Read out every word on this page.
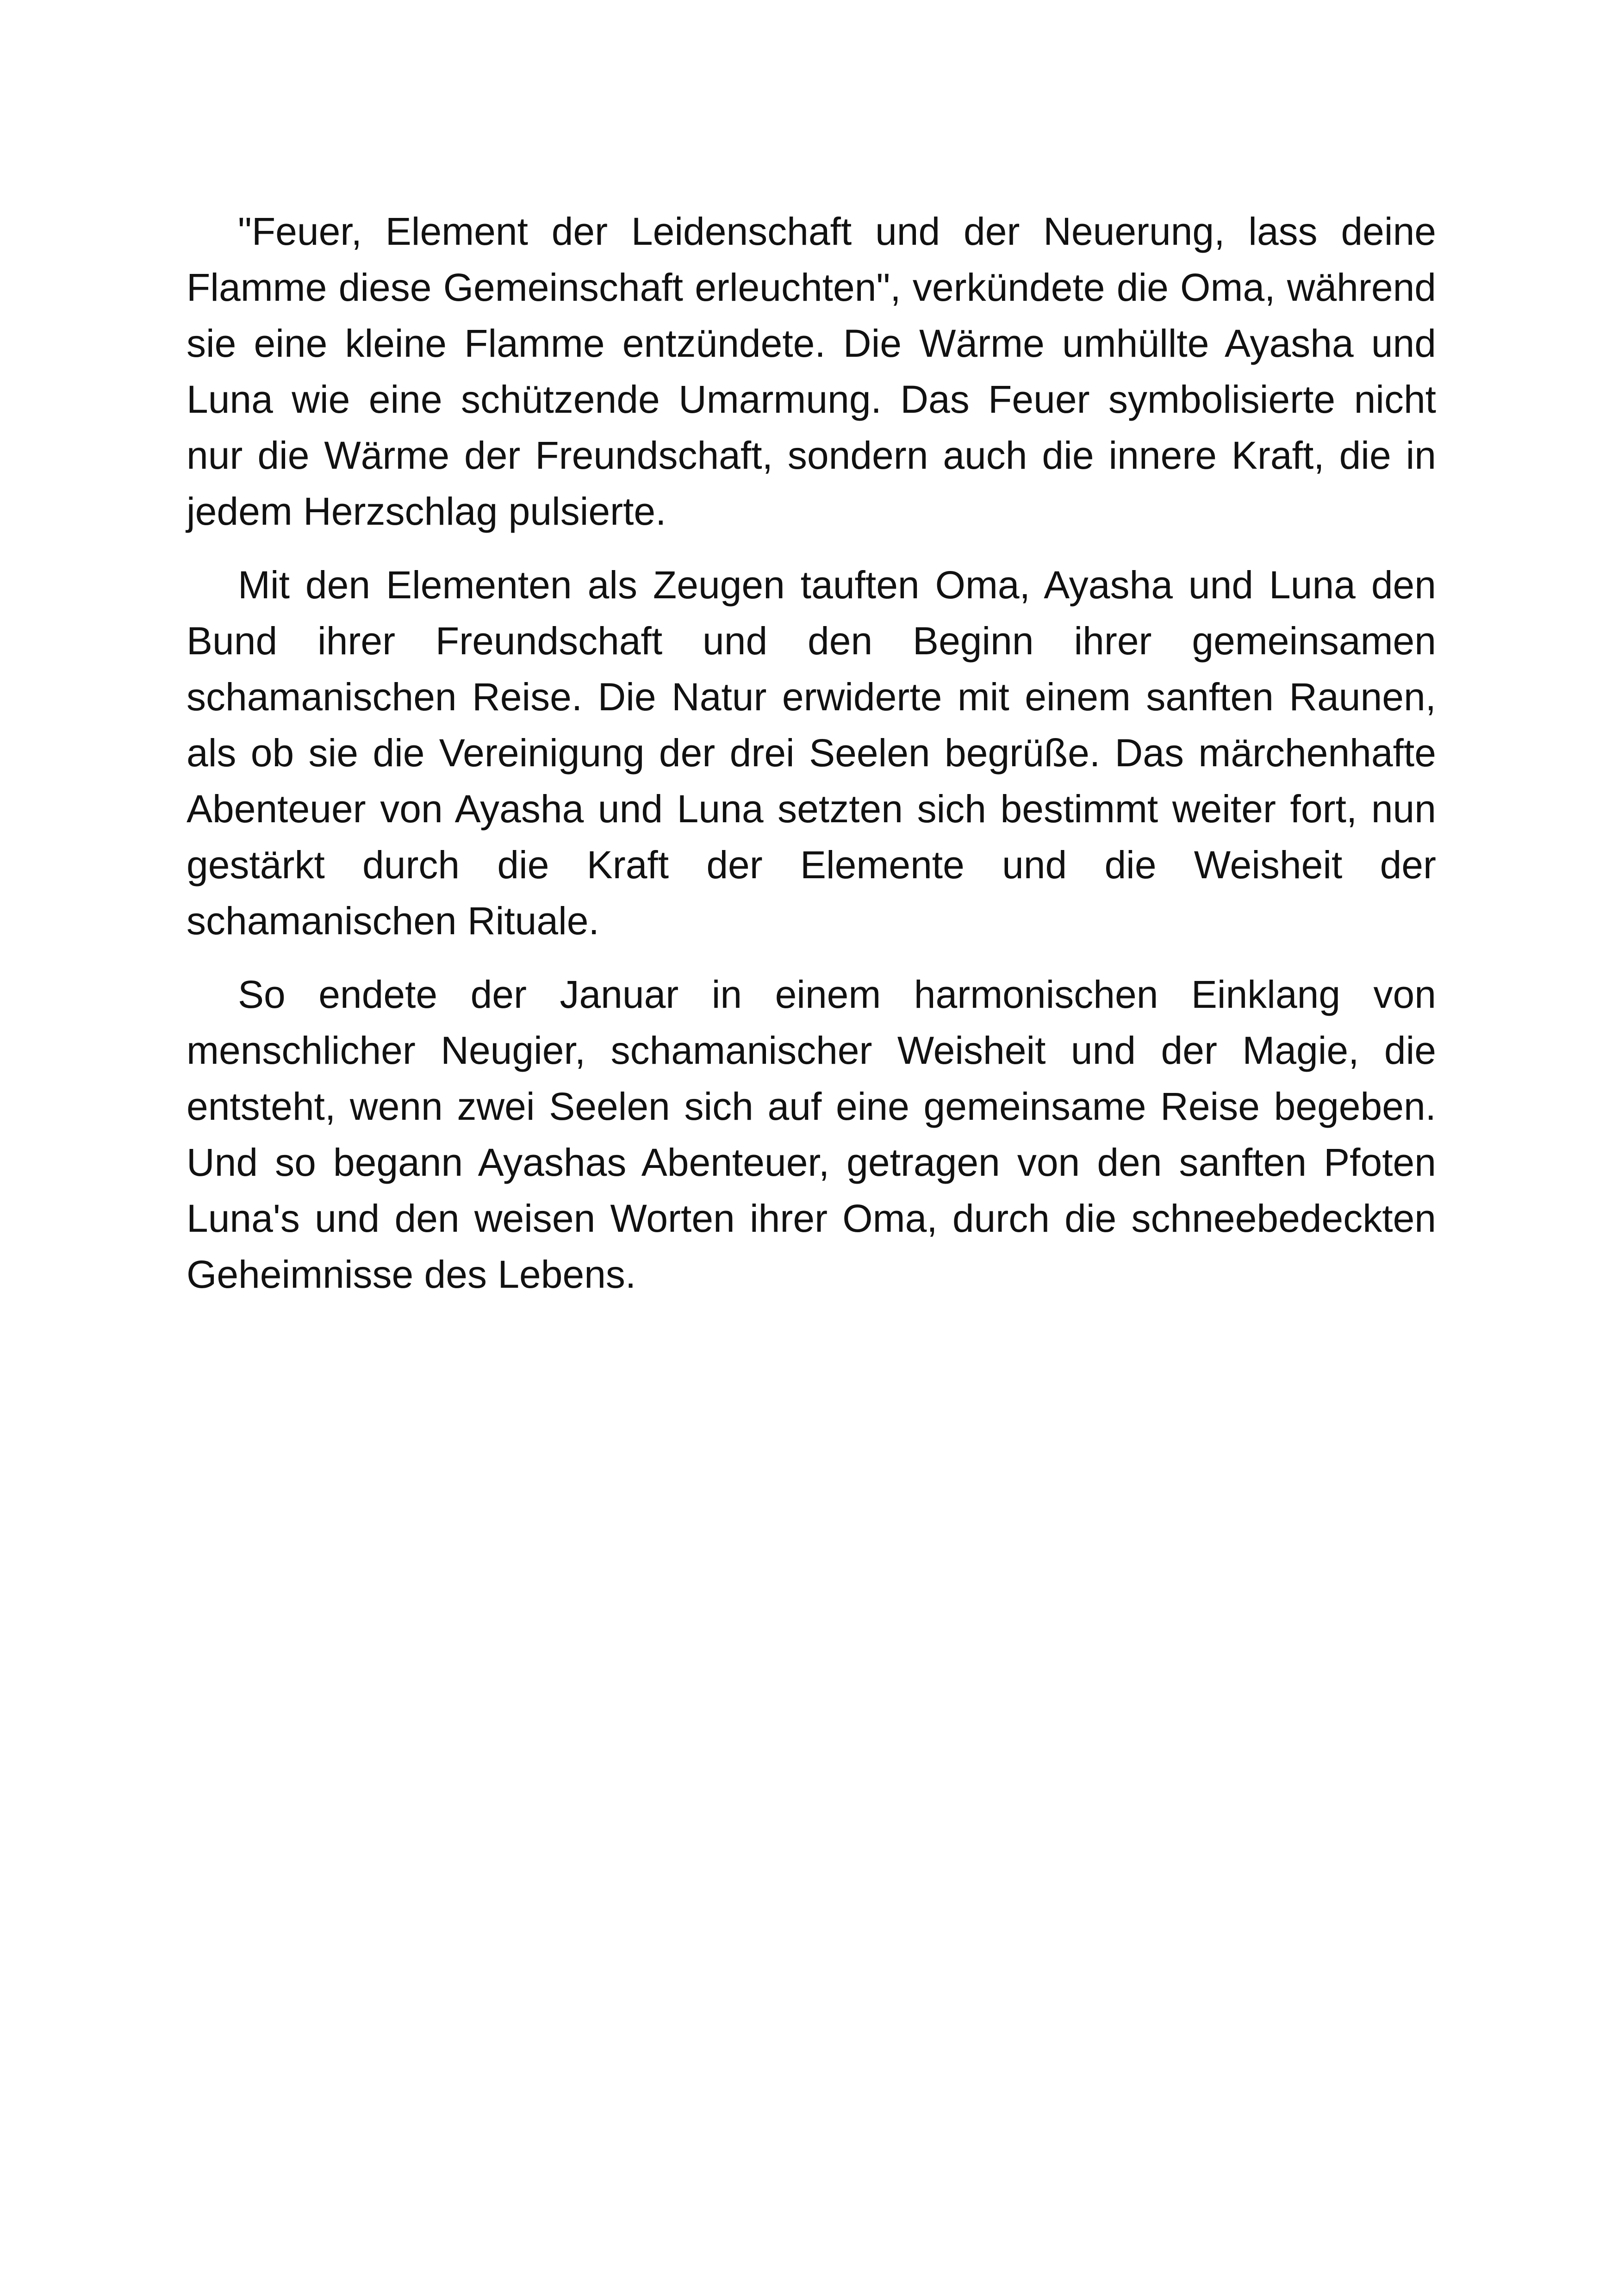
"Feuer, Element der Leidenschaft und der Neuerung, lass deine Flamme diese Gemeinschaft erleuchten", verkündete die Oma, während sie eine kleine Flamme entzündete. Die Wärme umhüllte Ayasha und Luna wie eine schützende Umarmung. Das Feuer symbolisierte nicht nur die Wärme der Freundschaft, sondern auch die innere Kraft, die in jedem Herzschlag pulsierte.

Mit den Elementen als Zeugen tauften Oma, Ayasha und Luna den Bund ihrer Freundschaft und den Beginn ihrer gemeinsamen schamanischen Reise. Die Natur erwiderte mit einem sanften Raunen, als ob sie die Vereinigung der drei Seelen begrüße. Das märchenhafte Abenteuer von Ayasha und Luna setzten sich bestimmt weiter fort, nun gestärkt durch die Kraft der Elemente und die Weisheit der schamanischen Rituale.

So endete der Januar in einem harmonischen Einklang von menschlicher Neugier, schamanischer Weisheit und der Magie, die entsteht, wenn zwei Seelen sich auf eine gemeinsame Reise begeben. Und so begann Ayashas Abenteuer, getragen von den sanften Pfoten Luna's und den weisen Worten ihrer Oma, durch die schneebedeckten Geheimnisse des Lebens.
